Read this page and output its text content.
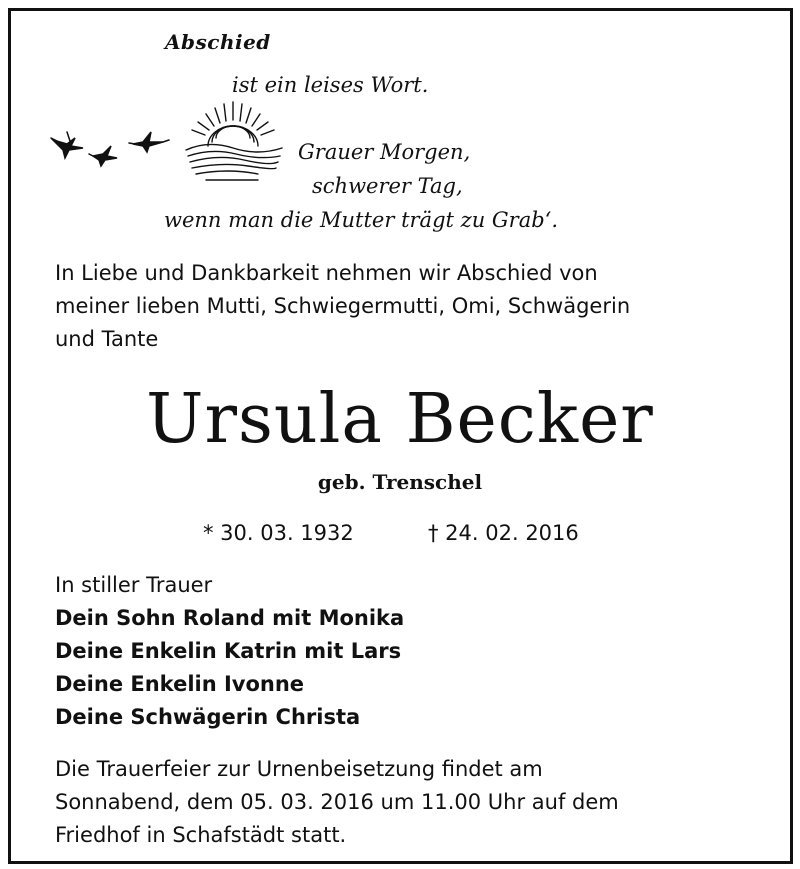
Abschied
ist ein leises Wort.
Grauer Morgen,
schwerer Tag,
wenn man die Mutter trägt zu Grab‘.
In Liebe und Dankbarkeit nehmen wir Abschied von
meiner lieben Mutti, Schwiegermutti, Omi, Schwägerin
und Tante
Ursula Becker
geb. Trenschel
* 30. 03. 1932	† 24. 02. 2016
In stiller Trauer
Dein Sohn Roland mit Monika
Deine Enkelin Katrin mit Lars
Deine Enkelin Ivonne
Deine Schwägerin Christa
Die Trauerfeier zur Urnenbeisetzung findet am
Sonnabend, dem 05. 03. 2016 um 11.00 Uhr auf dem
Friedhof in Schafstädt statt.
